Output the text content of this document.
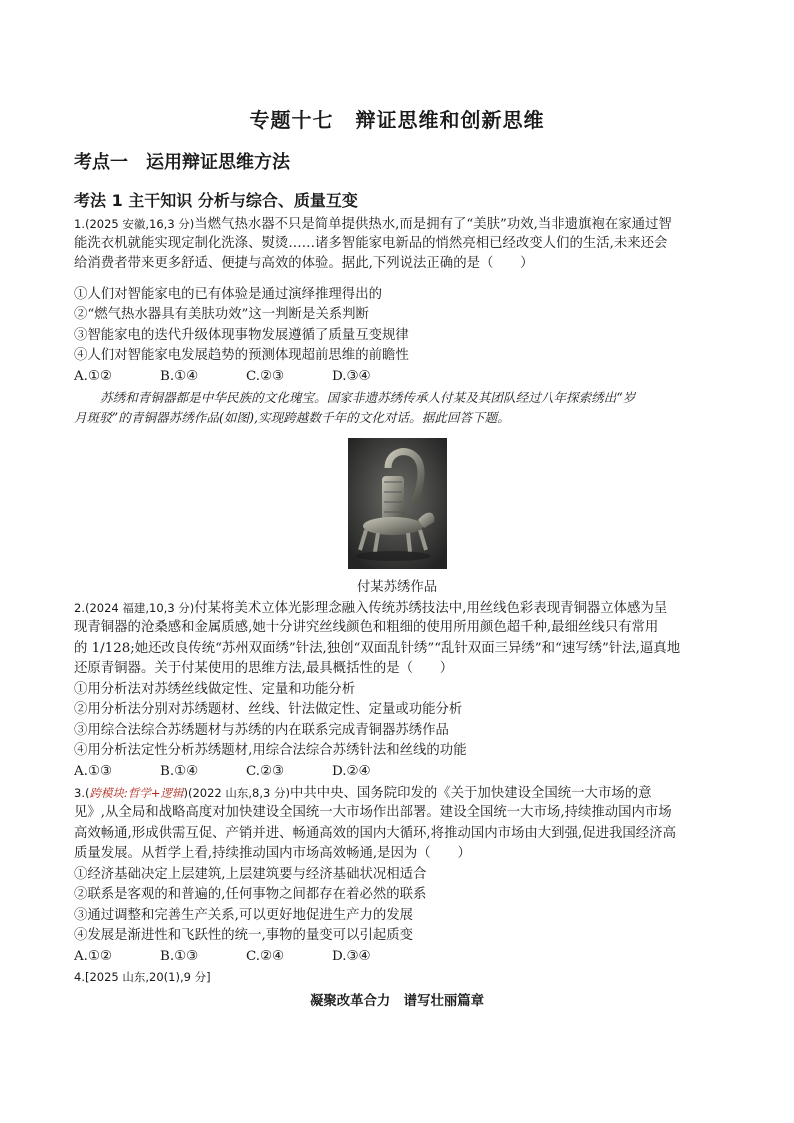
专题十七 辩证思维和创新思维
考点一 运用辩证思维方法
考法 1 主干知识 分析与综合、质量互变
1.(2025 安徽,16,3 分)当燃气热水器不只是简单提供热水,而是拥有了“美肤”功效,当非遗旗袍在家通过智
能洗衣机就能实现定制化洗涤、熨烫……诸多智能家电新品的悄然亮相已经改变人们的生活,未来还会
给消费者带来更多舒适、便捷与高效的体验。据此,下列说法正确的是（　　）
①人们对智能家电的已有体验是通过演绎推理得出的
②“燃气热水器具有美肤功效”这一判断是关系判断
③智能家电的迭代升级体现事物发展遵循了质量互变规律
④人们对智能家电发展趋势的预测体现超前思维的前瞻性
A.①②	B.①④	C.②③	D.③④
苏绣和青铜器都是中华民族的文化瑰宝。国家非遗苏绣传承人付某及其团队经过八年探索绣出“岁
月斑驳”的青铜器苏绣作品(如图),实现跨越数千年的文化对话。据此回答下题。
付某苏绣作品
2.(2024 福建,10,3 分)付某将美术立体光影理念融入传统苏绣技法中,用丝线色彩表现青铜器立体感为呈
现青铜器的沧桑感和金属质感,她十分讲究丝线颜色和粗细的使用所用颜色超千种,最细丝线只有常用
的 1/128;她还改良传统“苏州双面绣”针法,独创“双面乱针绣”“乱针双面三异绣”和“速写绣”针法,逼真地
还原青铜器。关于付某使用的思维方法,最具概括性的是（　　）
①用分析法对苏绣丝线做定性、定量和功能分析
②用分析法分别对苏绣题材、丝线、针法做定性、定量或功能分析
③用综合法综合苏绣题材与苏绣的内在联系完成青铜器苏绣作品
④用分析法定性分析苏绣题材,用综合法综合苏绣针法和丝线的功能
A.①③	B.①④	C.②③	D.②④
3.(跨模块:哲学+逻辑)(2022 山东,8,3 分)中共中央、国务院印发的《关于加快建设全国统一大市场的意
见》,从全局和战略高度对加快建设全国统一大市场作出部署。建设全国统一大市场,持续推动国内市场
高效畅通,形成供需互促、产销并进、畅通高效的国内大循环,将推动国内市场由大到强,促进我国经济高
质量发展。从哲学上看,持续推动国内市场高效畅通,是因为（　　）
①经济基础决定上层建筑,上层建筑要与经济基础状况相适合
②联系是客观的和普遍的,任何事物之间都存在着必然的联系
③通过调整和完善生产关系,可以更好地促进生产力的发展
④发展是渐进性和飞跃性的统一,事物的量变可以引起质变
A.①②	B.①③	C.②④	D.③④
4.[2025 山东,20(1),9 分]
凝聚改革合力　谱写壮丽篇章
